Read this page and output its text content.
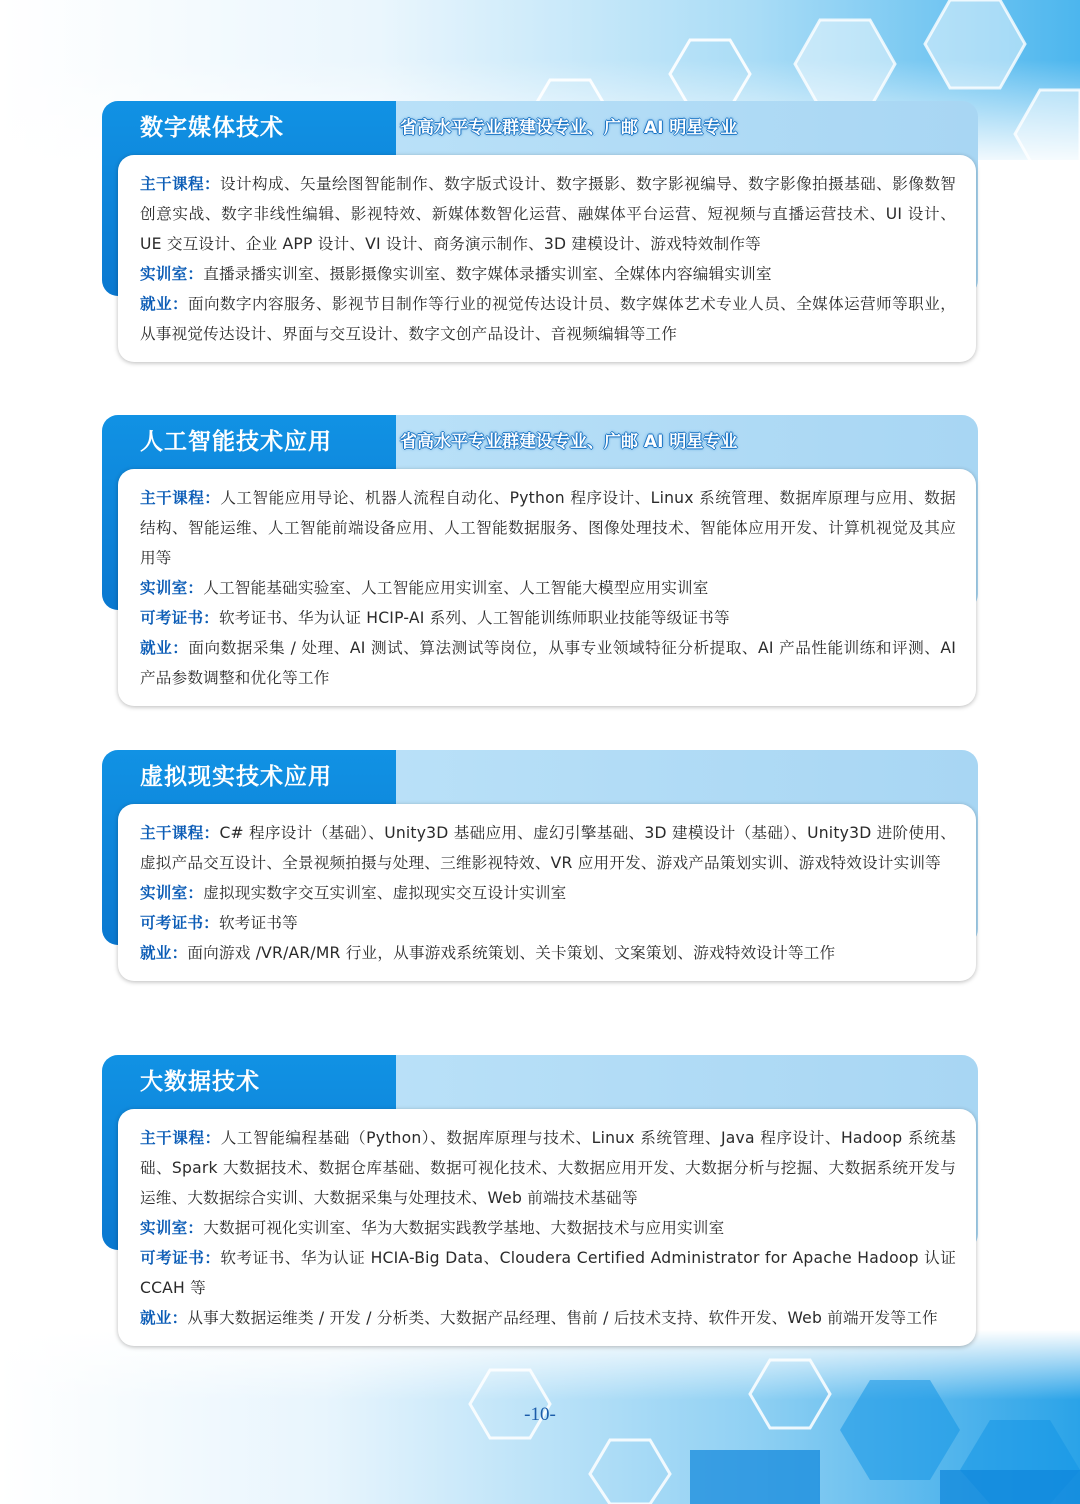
数字媒体技术	省高水平专业群建设专业、广邮 AI 明星专业

主干课程：设计构成、矢量绘图智能制作、数字版式设计、数字摄影、数字影视编导、数字影像拍摄基础、影像数智创意实战、数字非线性编辑、影视特效、新媒体数智化运营、融媒体平台运营、短视频与直播运营技术、UI 设计、UE 交互设计、企业 APP 设计、VI 设计、商务演示制作、3D 建模设计、游戏特效制作等

实训室：直播录播实训室、摄影摄像实训室、数字媒体录播实训室、全媒体内容编辑实训室

就业：面向数字内容服务、影视节目制作等行业的视觉传达设计员、数字媒体艺术专业人员、全媒体运营师等职业，从事视觉传达设计、界面与交互设计、数字文创产品设计、音视频编辑等工作

人工智能技术应用	省高水平专业群建设专业、广邮 AI 明星专业

主干课程：人工智能应用导论、机器人流程自动化、Python 程序设计、Linux 系统管理、数据库原理与应用、数据结构、智能运维、人工智能前端设备应用、人工智能数据服务、图像处理技术、智能体应用开发、计算机视觉及其应用等

实训室：人工智能基础实验室、人工智能应用实训室、人工智能大模型应用实训室

可考证书：软考证书、华为认证 HCIP-AI 系列、人工智能训练师职业技能等级证书等

就业：面向数据采集 / 处理、AI 测试、算法测试等岗位，从事专业领域特征分析提取、AI 产品性能训练和评测、AI 产品参数调整和优化等工作

虚拟现实技术应用

主干课程：C# 程序设计（基础）、Unity3D 基础应用、虚幻引擎基础、3D 建模设计（基础）、Unity3D 进阶使用、虚拟产品交互设计、全景视频拍摄与处理、三维影视特效、VR 应用开发、游戏产品策划实训、游戏特效设计实训等

实训室：虚拟现实数字交互实训室、虚拟现实交互设计实训室

可考证书：软考证书等

就业：面向游戏 /VR/AR/MR 行业，从事游戏系统策划、关卡策划、文案策划、游戏特效设计等工作

大数据技术

主干课程：人工智能编程基础（Python）、数据库原理与技术、Linux 系统管理、Java 程序设计、Hadoop 系统基础、Spark 大数据技术、数据仓库基础、数据可视化技术、大数据应用开发、大数据分析与挖掘、大数据系统开发与运维、大数据综合实训、大数据采集与处理技术、Web 前端技术基础等

实训室：大数据可视化实训室、华为大数据实践教学基地、大数据技术与应用实训室

可考证书：软考证书、华为认证 HCIA-Big Data、Cloudera Certified Administrator for Apache Hadoop 认证 CCAH 等

就业：从事大数据运维类 / 开发 / 分析类、大数据产品经理、售前 / 后技术支持、软件开发、Web 前端开发等工作

-10-
